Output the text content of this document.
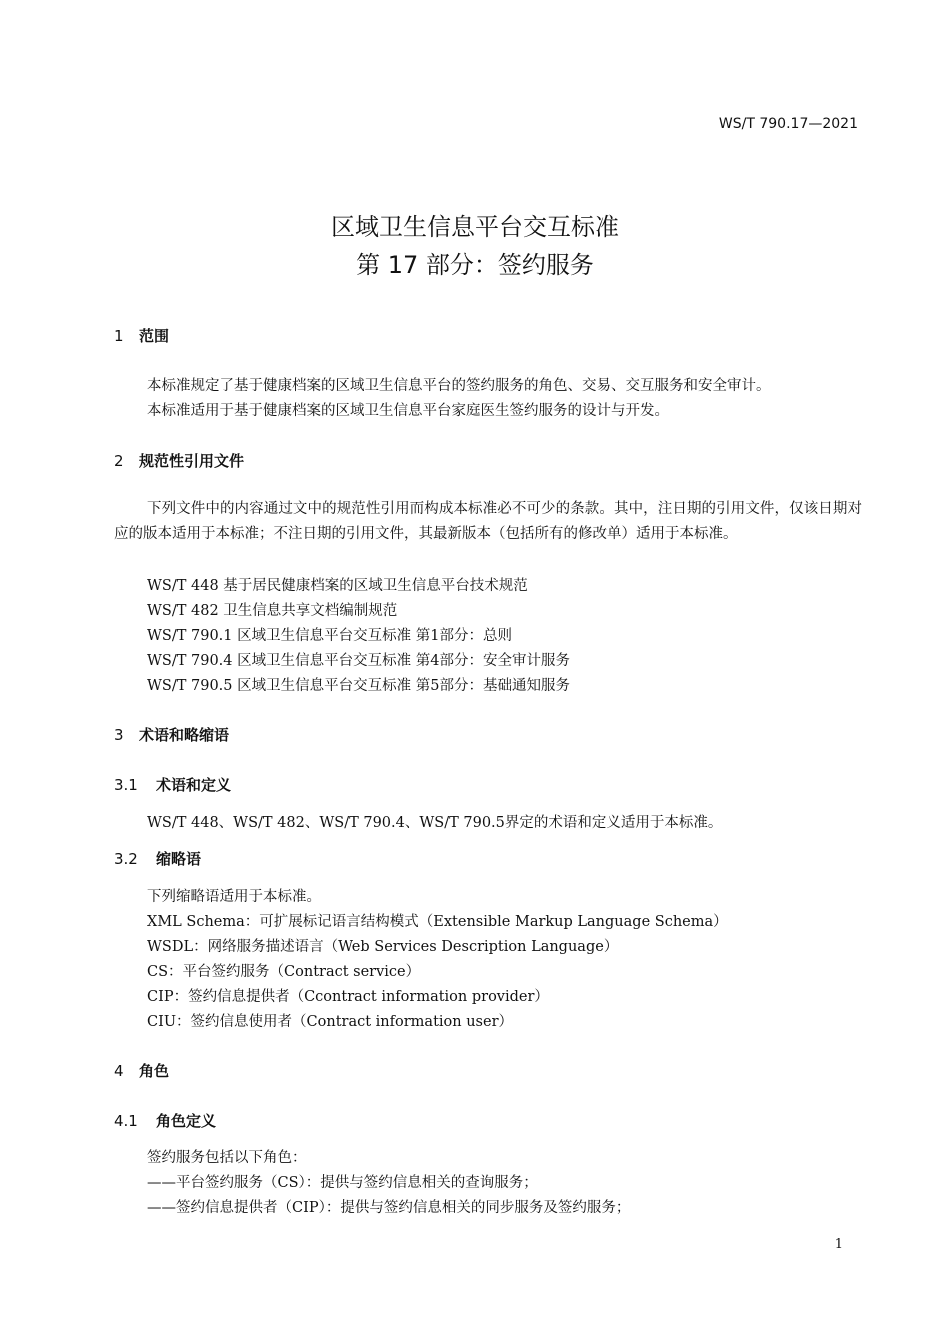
WS/T 790.17—2021
区域卫生信息平台交互标准
第 17 部分：签约服务
1 范围
本标准规定了基于健康档案的区域卫生信息平台的签约服务的角色、交易、交互服务和安全审计。
本标准适用于基于健康档案的区域卫生信息平台家庭医生签约服务的设计与开发。
2 规范性引用文件
下列文件中的内容通过文中的规范性引用而构成本标准必不可少的条款。其中，注日期的引用文件，仅该日期对应的版本适用于本标准；不注日期的引用文件，其最新版本（包括所有的修改单）适用于本标准。
WS/T 448 基于居民健康档案的区域卫生信息平台技术规范
WS/T 482 卫生信息共享文档编制规范
WS/T 790.1 区域卫生信息平台交互标准 第1部分：总则
WS/T 790.4 区域卫生信息平台交互标准 第4部分：安全审计服务
WS/T 790.5 区域卫生信息平台交互标准 第5部分：基础通知服务
3 术语和略缩语
3.1 术语和定义
WS/T 448、WS/T 482、WS/T 790.4、WS/T 790.5界定的术语和定义适用于本标准。
3.2 缩略语
下列缩略语适用于本标准。
XML Schema：可扩展标记语言结构模式（Extensible Markup Language Schema）
WSDL：网络服务描述语言（Web Services Description Language）
CS：平台签约服务（Contract service）
CIP：签约信息提供者（Ccontract information provider）
CIU：签约信息使用者（Contract information user）
4 角色
4.1 角色定义
签约服务包括以下角色：
——平台签约服务（CS）：提供与签约信息相关的查询服务；
——签约信息提供者（CIP）：提供与签约信息相关的同步服务及签约服务；
1
